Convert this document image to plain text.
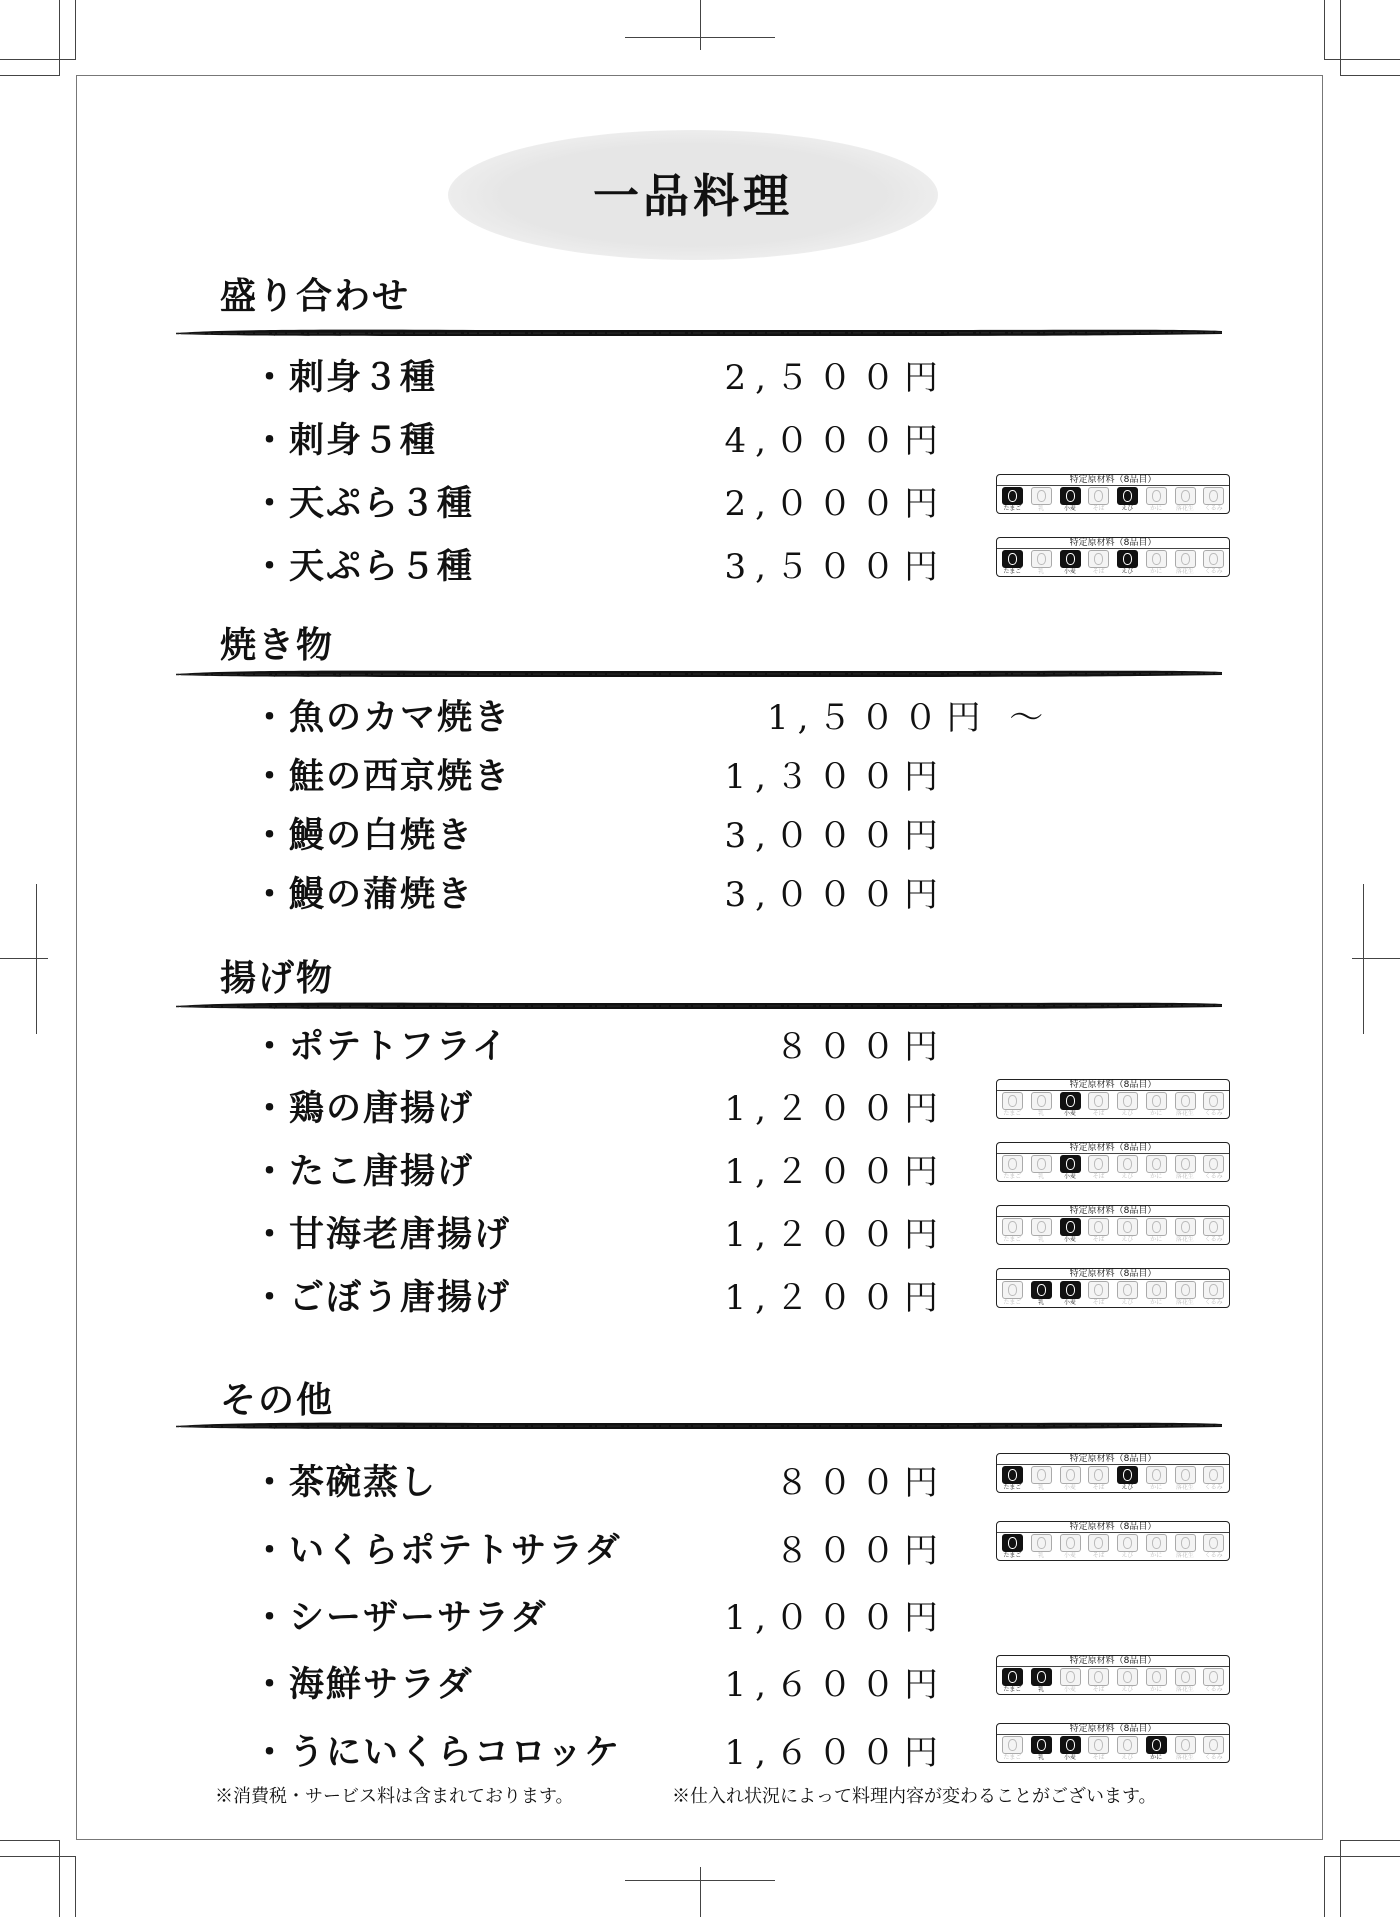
一品料理
盛り合わせ
・刺身３種	2,５００円
・刺身５種	4,０００円
・天ぷら３種	2,０００円
特定原材料（8品目）
たまご	乳	小麦	そば	えび	かに	落花生	くるみ
・天ぷら５種	3,５００円
特定原材料（8品目）
たまご	乳	小麦	そば	えび	かに	落花生	くるみ
焼き物
・魚のカマ焼き	1,５００円 ～
・鮭の西京焼き	1,３００円
・鰻の白焼き	3,０００円
・鰻の蒲焼き	3,０００円
揚げ物
・ポテトフライ	８００円
・鶏の唐揚げ	1,２００円
特定原材料（8品目）
たまご	乳	小麦	そば	えび	かに	落花生	くるみ
・たこ唐揚げ	1,２００円
特定原材料（8品目）
たまご	乳	小麦	そば	えび	かに	落花生	くるみ
・甘海老唐揚げ	1,２００円
特定原材料（8品目）
たまご	乳	小麦	そば	えび	かに	落花生	くるみ
・ごぼう唐揚げ	1,２００円
特定原材料（8品目）
たまご	乳	小麦	そば	えび	かに	落花生	くるみ
その他
・茶碗蒸し	８００円
特定原材料（8品目）
たまご	乳	小麦	そば	えび	かに	落花生	くるみ
・いくらポテトサラダ	８００円
特定原材料（8品目）
たまご	乳	小麦	そば	えび	かに	落花生	くるみ
・シーザーサラダ	1,０００円
・海鮮サラダ	1,６００円
特定原材料（8品目）
たまご	乳	小麦	そば	えび	かに	落花生	くるみ
・うにいくらコロッケ	1,６００円
特定原材料（8品目）
たまご	乳	小麦	そば	えび	かに	落花生	くるみ
※消費税・サービス料は含まれております。	※仕入れ状況によって料理内容が変わることがございます。
